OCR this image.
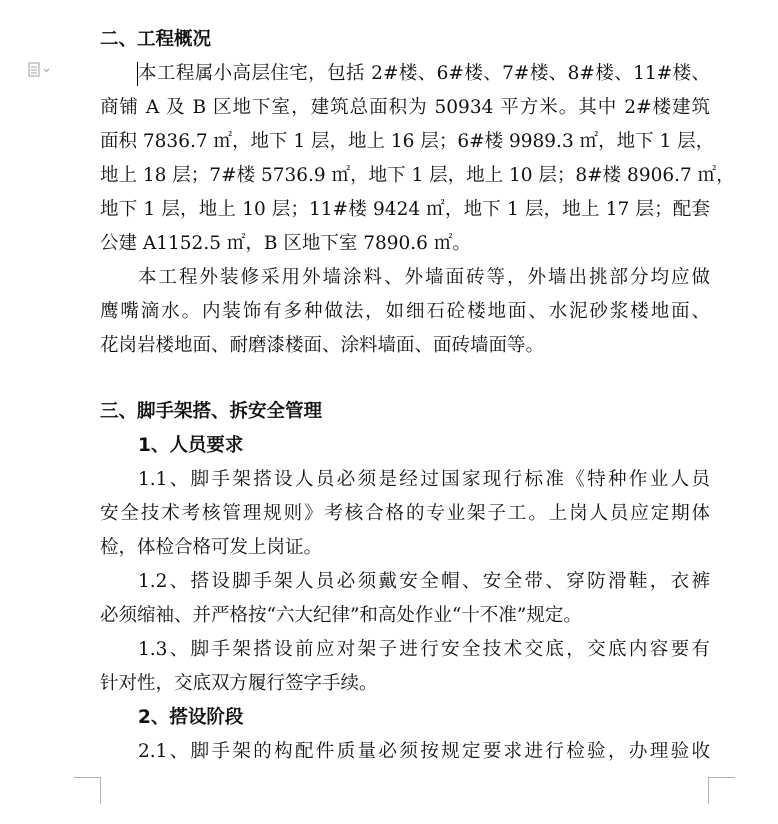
二、工程概况
本工程属小高层住宅，包括 2#楼、6#楼、7#楼、8#楼、11#楼、
商铺 A 及 B 区地下室，建筑总面积为 50934 平方米。其中 2#楼建筑
面积 7836.7 ㎡，地下 1 层，地上 16 层；6#楼 9989.3 ㎡，地下 1 层，
地上 18 层；7#楼 5736.9 ㎡，地下 1 层，地上 10 层；8#楼 8906.7 ㎡，
地下 1 层，地上 10 层；11#楼 9424 ㎡，地下 1 层，地上 17 层；配套
公建 A1152.5 ㎡，B 区地下室 7890.6 ㎡。
本工程外装修采用外墙涂料、外墙面砖等，外墙出挑部分均应做
鹰嘴滴水。内装饰有多种做法，如细石砼楼地面、水泥砂浆楼地面、
花岗岩楼地面、耐磨漆楼面、涂料墙面、面砖墙面等。
三、脚手架搭、拆安全管理
1、人员要求
1.1、脚手架搭设人员必须是经过国家现行标准《特种作业人员
安全技术考核管理规则》考核合格的专业架子工。上岗人员应定期体
检，体检合格可发上岗证。
1.2、搭设脚手架人员必须戴安全帽、安全带、穿防滑鞋，衣裤
必须缩袖、并严格按“六大纪律”和高处作业“十不准”规定。
1.3、脚手架搭设前应对架子进行安全技术交底，交底内容要有
针对性，交底双方履行签字手续。
2、搭设阶段
2.1、脚手架的构配件质量必须按规定要求进行检验，办理验收
